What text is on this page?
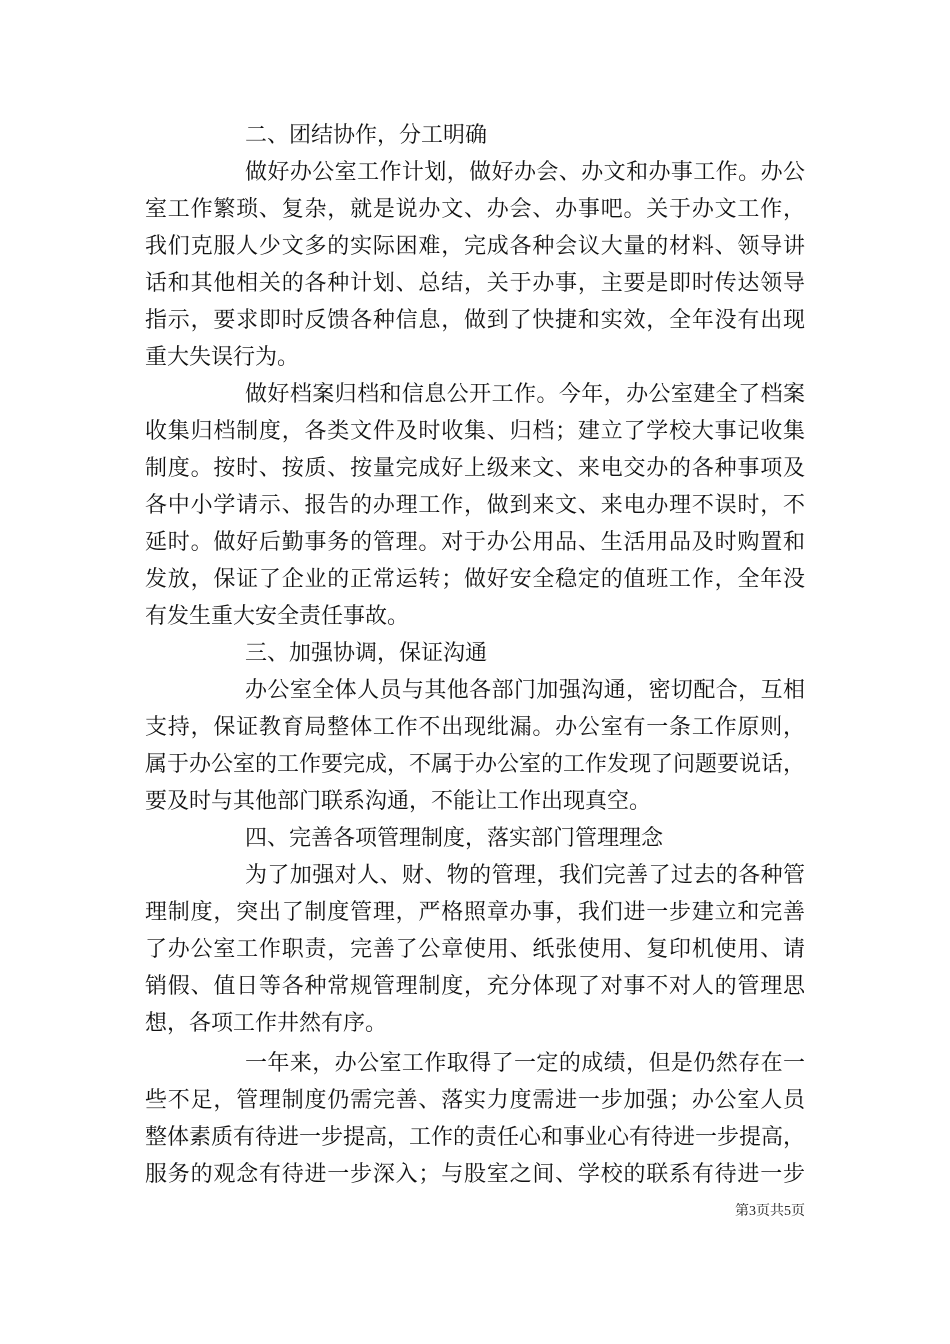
二、团结协作，分工明确
做好办公室工作计划，做好办会、办文和办事工作。办公
室工作繁琐、复杂，就是说办文、办会、办事吧。关于办文工作，
我们克服人少文多的实际困难，完成各种会议大量的材料、领导讲
话和其他相关的各种计划、总结，关于办事，主要是即时传达领导
指示，要求即时反馈各种信息，做到了快捷和实效，全年没有出现
重大失误行为。
做好档案归档和信息公开工作。今年，办公室建全了档案
收集归档制度，各类文件及时收集、归档；建立了学校大事记收集
制度。按时、按质、按量完成好上级来文、来电交办的各种事项及
各中小学请示、报告的办理工作，做到来文、来电办理不误时，不
延时。做好后勤事务的管理。对于办公用品、生活用品及时购置和
发放，保证了企业的正常运转；做好安全稳定的值班工作，全年没
有发生重大安全责任事故。
三、加强协调，保证沟通
办公室全体人员与其他各部门加强沟通，密切配合，互相
支持，保证教育局整体工作不出现纰漏。办公室有一条工作原则，
属于办公室的工作要完成，不属于办公室的工作发现了问题要说话，
要及时与其他部门联系沟通，不能让工作出现真空。
四、完善各项管理制度，落实部门管理理念
为了加强对人、财、物的管理，我们完善了过去的各种管
理制度，突出了制度管理，严格照章办事，我们进一步建立和完善
了办公室工作职责，完善了公章使用、纸张使用、复印机使用、请
销假、值日等各种常规管理制度，充分体现了对事不对人的管理思
想，各项工作井然有序。
一年来，办公室工作取得了一定的成绩，但是仍然存在一
些不足，管理制度仍需完善、落实力度需进一步加强；办公室人员
整体素质有待进一步提高，工作的责任心和事业心有待进一步提高，
服务的观念有待进一步深入；与股室之间、学校的联系有待进一步
第3页共5页
